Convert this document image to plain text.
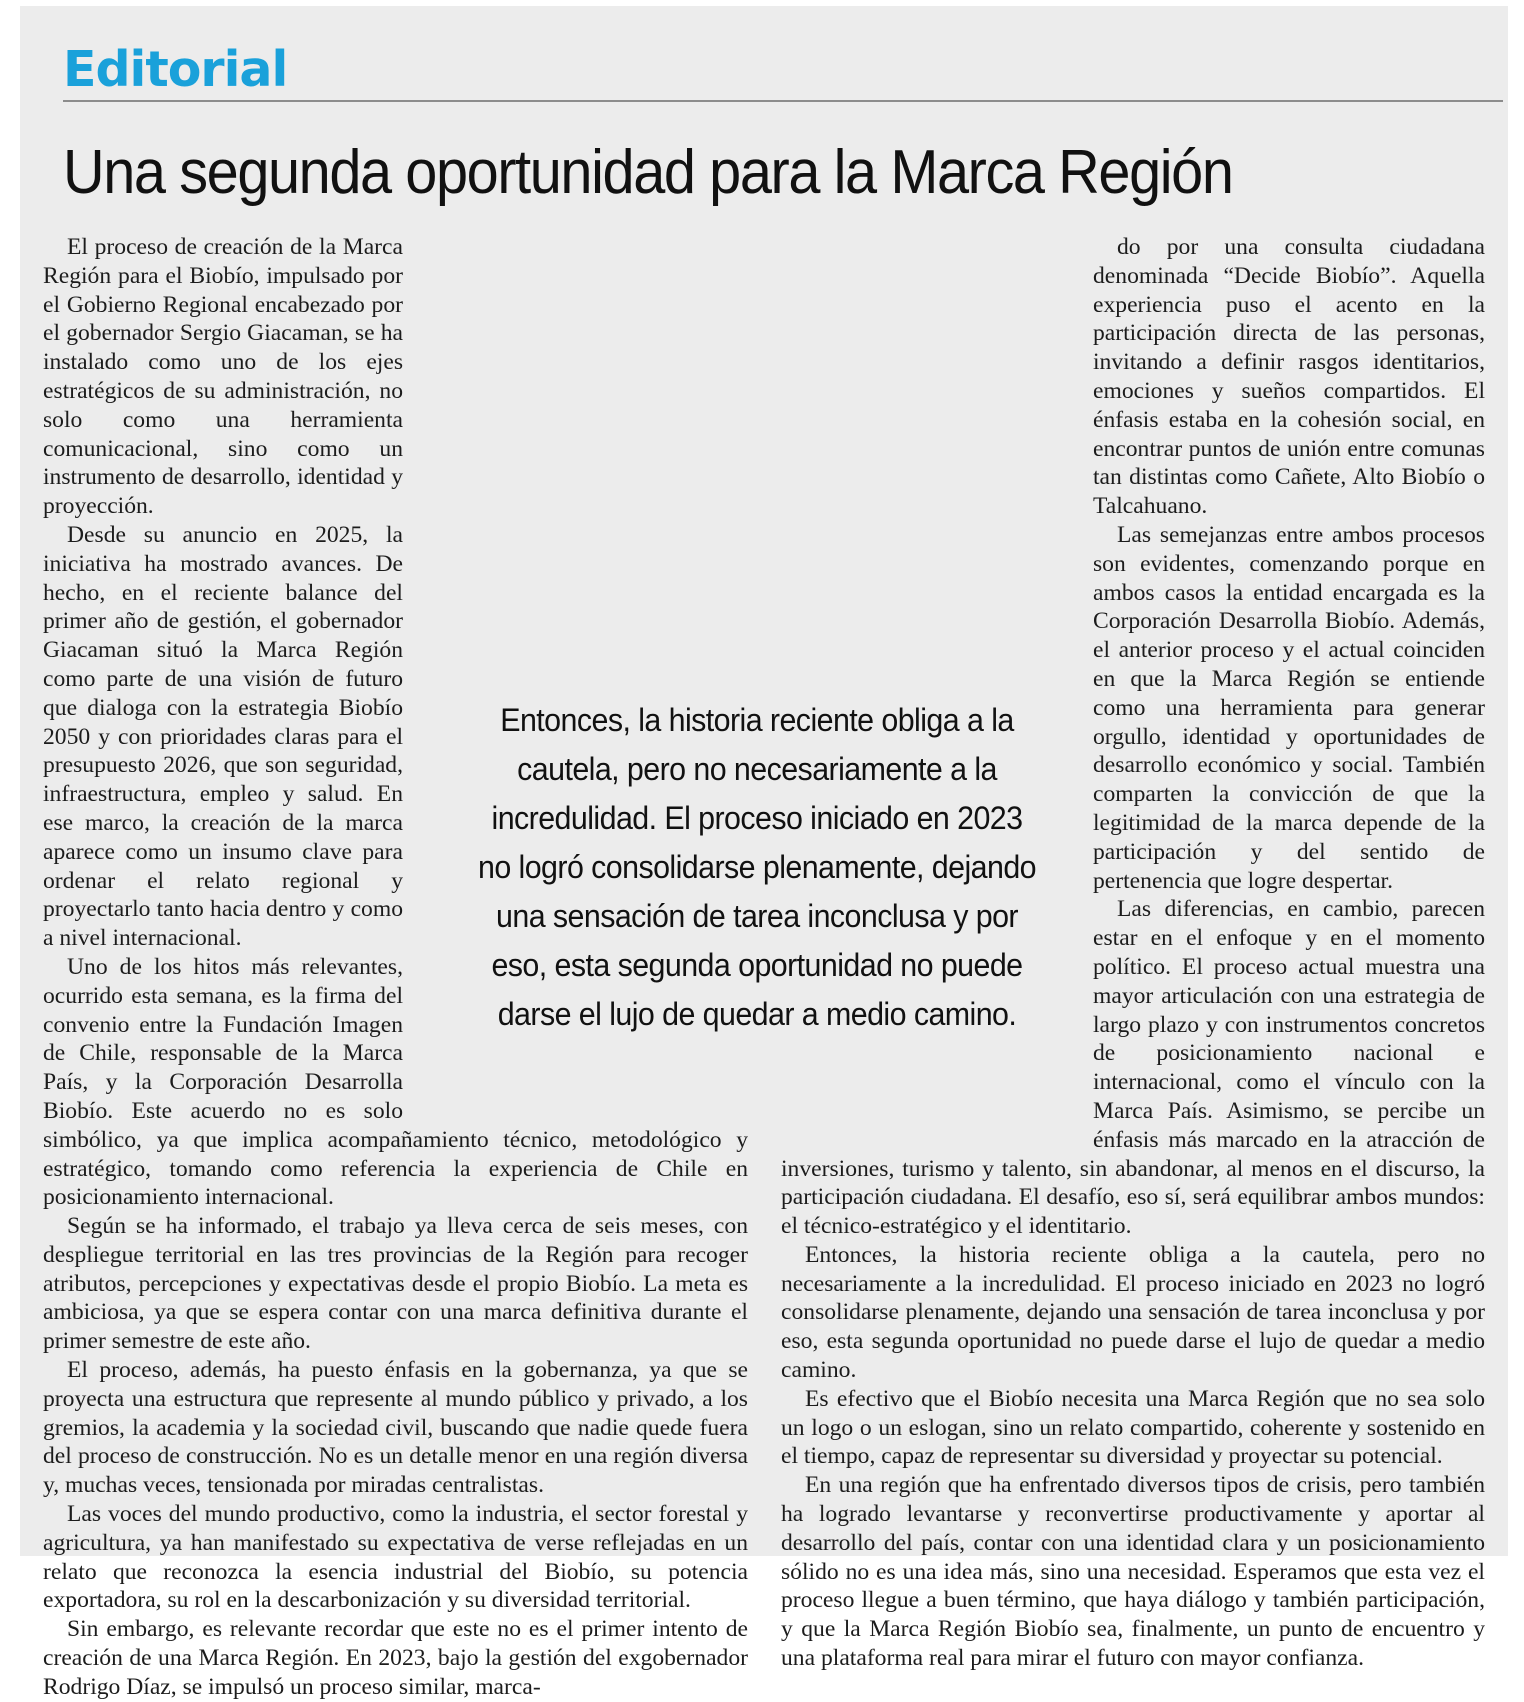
Editorial
Una segunda oportunidad para la Marca Región

El proceso de creación de la Marca Región para el Biobío, impulsado por el Gobierno Regional encabezado por el gobernador Sergio Giacaman, se ha instalado como uno de los ejes estratégicos de su administración, no solo como una herramienta comunicacional, sino como un instrumento de desarrollo, identidad y proyección.

Desde su anuncio en 2025, la iniciativa ha mostrado avances. De hecho, en el reciente balance del primer año de gestión, el gobernador Giacaman situó la Marca Región como parte de una visión de futuro que dialoga con la estrategia Biobío 2050 y con prioridades claras para el presupuesto 2026, que son seguridad, infraestructura, empleo y salud. En ese marco, la creación de la marca aparece como un insumo clave para ordenar el relato regional y proyectarlo tanto hacia dentro y como a nivel internacional.

Uno de los hitos más relevantes, ocurrido esta semana, es la firma del convenio entre la Fundación Imagen de Chile, responsable de la Marca País, y la Corporación Desarrolla Biobío. Este acuerdo no es solo simbólico, ya que implica acompañamiento técnico, metodológico y estratégico, tomando como referencia la experiencia de Chile en posicionamiento internacional.

Según se ha informado, el trabajo ya lleva cerca de seis meses, con despliegue territorial en las tres provincias de la Región para recoger atributos, percepciones y expectativas desde el propio Biobío. La meta es ambiciosa, ya que se espera contar con una marca definitiva durante el primer semestre de este año.

El proceso, además, ha puesto énfasis en la gobernanza, ya que se proyecta una estructura que represente al mundo público y privado, a los gremios, la academia y la sociedad civil, buscando que nadie quede fuera del proceso de construcción. No es un detalle menor en una región diversa y, muchas veces, tensionada por miradas centralistas.

Las voces del mundo productivo, como la industria, el sector forestal y agricultura, ya han manifestado su expectativa de verse reflejadas en un relato que reconozca la esencia industrial del Biobío, su potencia exportadora, su rol en la descarbonización y su diversidad territorial.

Sin embargo, es relevante recordar que este no es el primer intento de creación de una Marca Región. En 2023, bajo la gestión del exgobernador Rodrigo Díaz, se impulsó un proceso similar, marca-

do por una consulta ciudadana denominada “Decide Biobío”. Aquella experiencia puso el acento en la participación directa de las personas, invitando a definir rasgos identitarios, emociones y sueños compartidos. El énfasis estaba en la cohesión social, en encontrar puntos de unión entre comunas tan distintas como Cañete, Alto Biobío o Talcahuano.

Las semejanzas entre ambos procesos son evidentes, comenzando porque en ambos casos la entidad encargada es la Corporación Desarrolla Biobío. Además, el anterior proceso y el actual coinciden en que la Marca Región se entiende como una herramienta para generar orgullo, identidad y oportunidades de desarrollo económico y social. También comparten la convicción de que la legitimidad de la marca depende de la participación y del sentido de pertenencia que logre despertar.

Las diferencias, en cambio, parecen estar en el enfoque y en el momento político. El proceso actual muestra una mayor articulación con una estrategia de largo plazo y con instrumentos concretos de posicionamiento nacional e internacional, como el vínculo con la Marca País. Asimismo, se percibe un énfasis más marcado en la atracción de inversiones, turismo y talento, sin abandonar, al menos en el discurso, la participación ciudadana. El desafío, eso sí, será equilibrar ambos mundos: el técnico-estratégico y el identitario.

Entonces, la historia reciente obliga a la cautela, pero no necesariamente a la incredulidad. El proceso iniciado en 2023 no logró consolidarse plenamente, dejando una sensación de tarea inconclusa y por eso, esta segunda oportunidad no puede darse el lujo de quedar a medio camino.

Es efectivo que el Biobío necesita una Marca Región que no sea solo un logo o un eslogan, sino un relato compartido, coherente y sostenido en el tiempo, capaz de representar su diversidad y proyectar su potencial.

En una región que ha enfrentado diversos tipos de crisis, pero también ha logrado levantarse y reconvertirse productivamente y aportar al desarrollo del país, contar con una identidad clara y un posicionamiento sólido no es una idea más, sino una necesidad. Esperamos que esta vez el proceso llegue a buen término, que haya diálogo y también participación, y que la Marca Región Biobío sea, finalmente, un punto de encuentro y una plataforma real para mirar el futuro con mayor confianza.

Entonces, la historia reciente obliga a la cautela, pero no necesariamente a la incredulidad. El proceso iniciado en 2023 no logró consolidarse plenamente, dejando una sensación de tarea inconclusa y por eso, esta segunda oportunidad no puede darse el lujo de quedar a medio camino.
